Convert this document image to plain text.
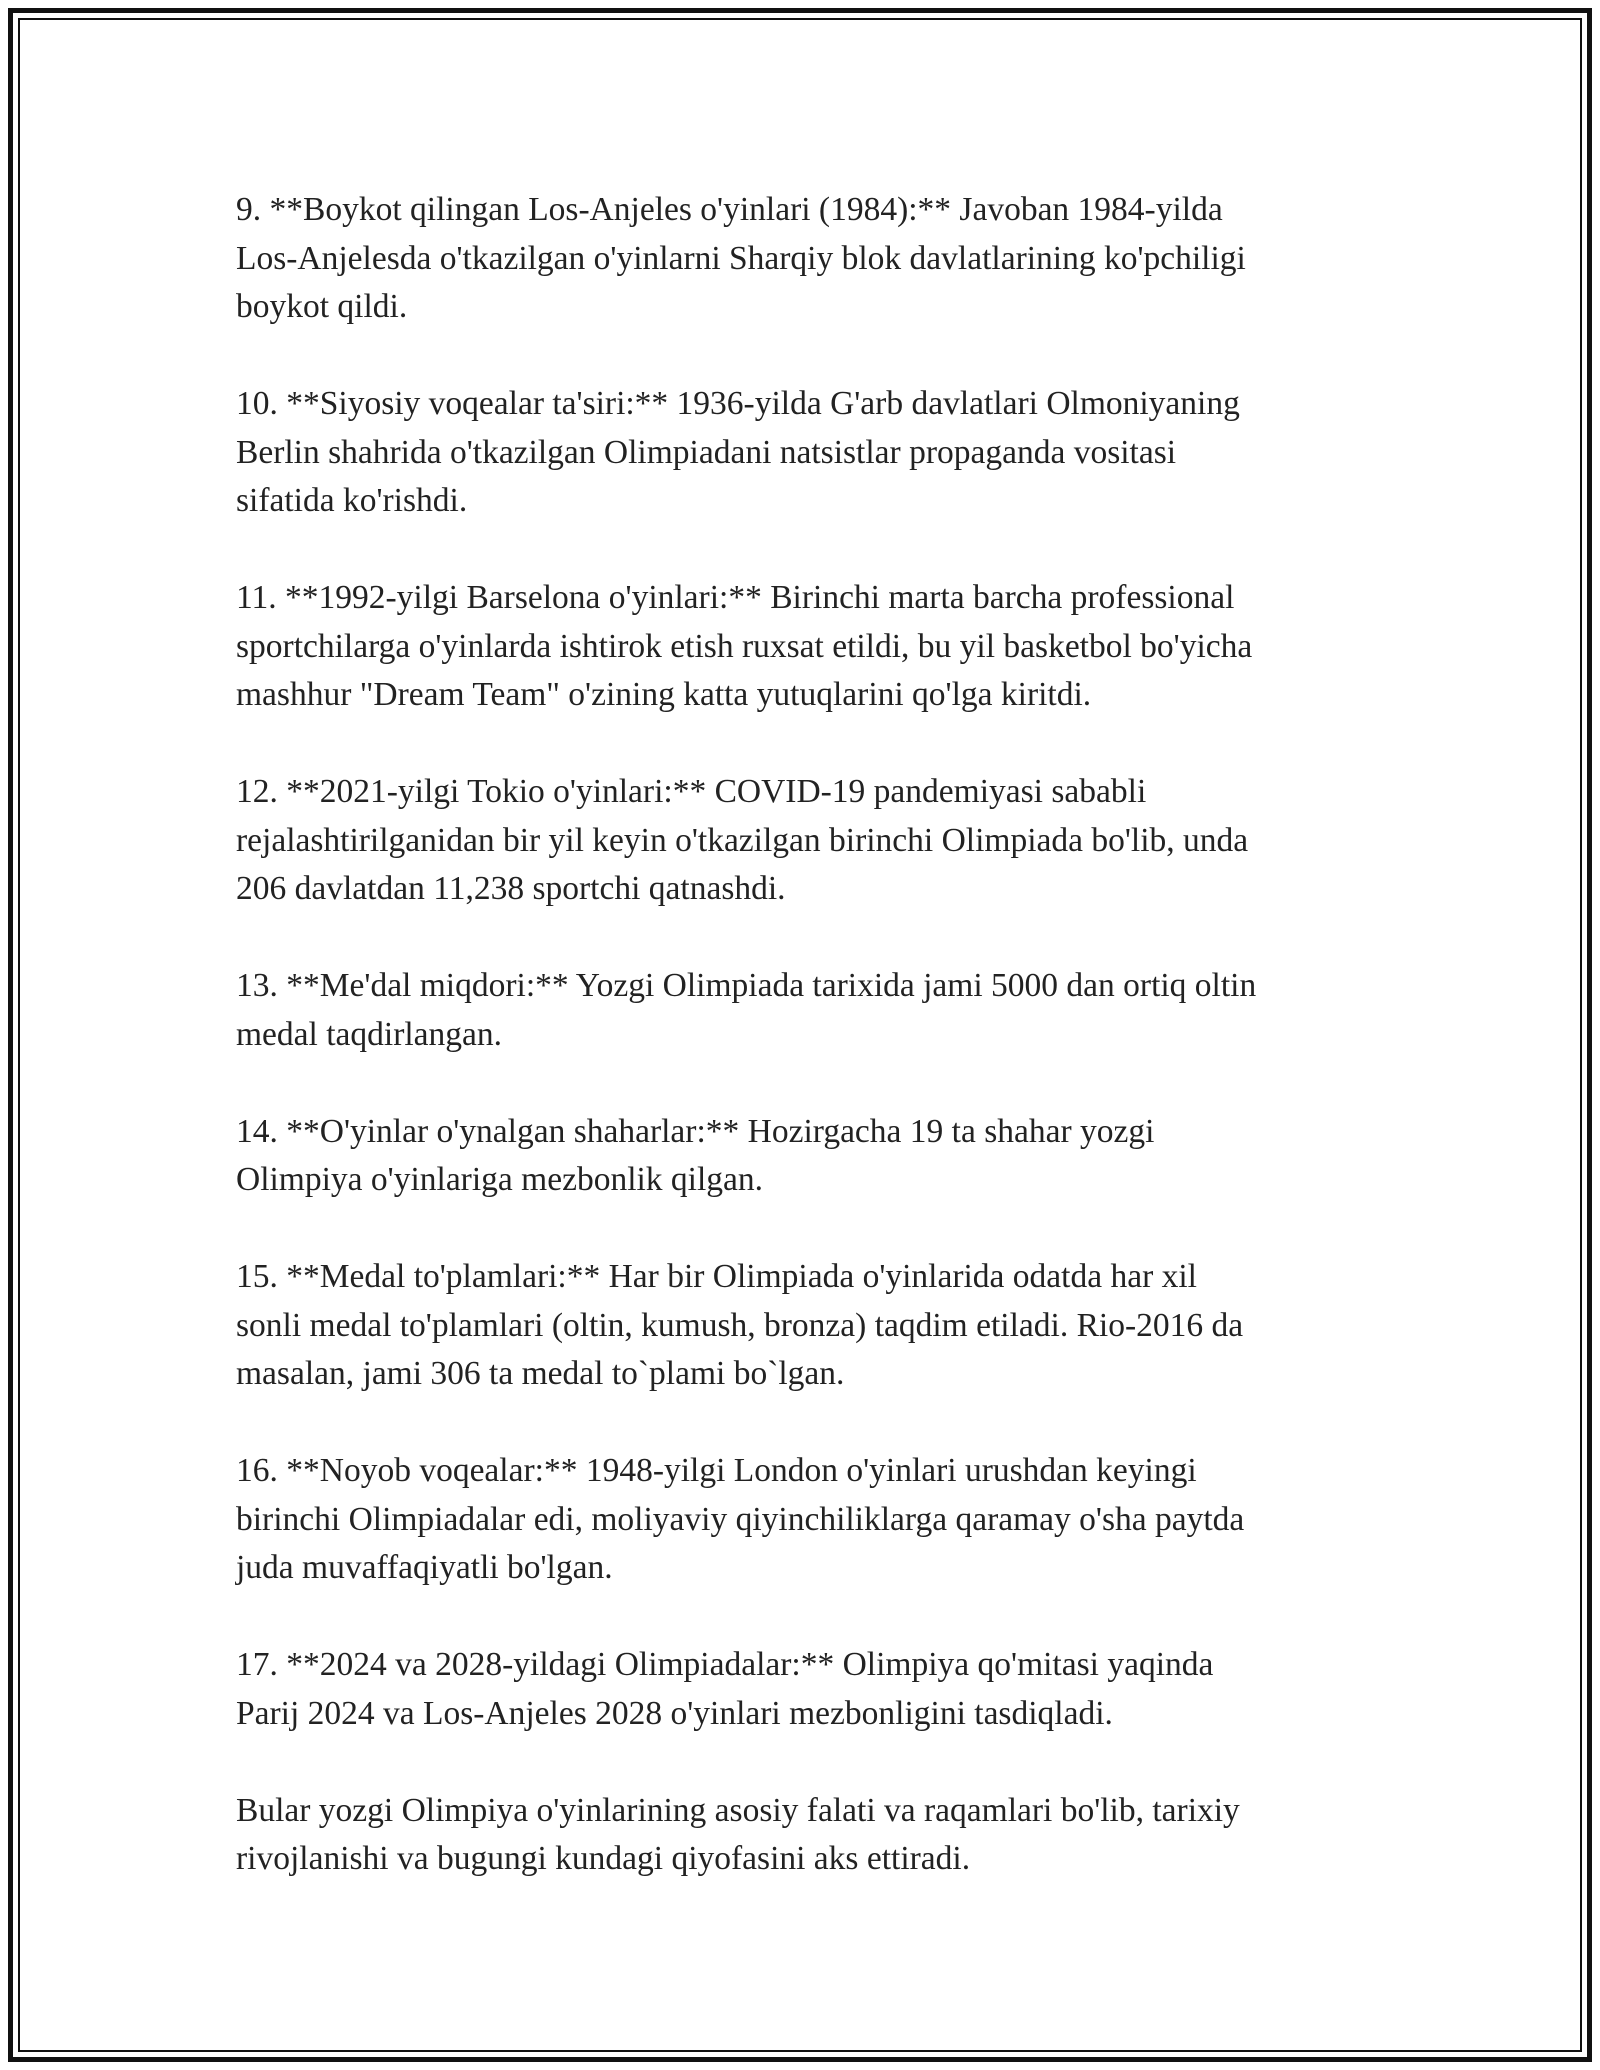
9. **Boykot qilingan Los-Anjeles o'yinlari (1984):** Javoban 1984-yilda
Los-Anjelesda o'tkazilgan o'yinlarni Sharqiy blok davlatlarining ko'pchiligi
boykot qildi.

10. **Siyosiy voqealar ta'siri:** 1936-yilda G'arb davlatlari Olmoniyaning
Berlin shahrida o'tkazilgan Olimpiadani natsistlar propaganda vositasi
sifatida ko'rishdi.

11. **1992-yilgi Barselona o'yinlari:** Birinchi marta barcha professional
sportchilarga o'yinlarda ishtirok etish ruxsat etildi, bu yil basketbol bo'yicha
mashhur "Dream Team" o'zining katta yutuqlarini qo'lga kiritdi.

12. **2021-yilgi Tokio o'yinlari:** COVID-19 pandemiyasi sababli
rejalashtirilganidan bir yil keyin o'tkazilgan birinchi Olimpiada bo'lib, unda
206 davlatdan 11,238 sportchi qatnashdi.

13. **Me'dal miqdori:** Yozgi Olimpiada tarixida jami 5000 dan ortiq oltin
medal taqdirlangan.

14. **O'yinlar o'ynalgan shaharlar:** Hozirgacha 19 ta shahar yozgi
Olimpiya o'yinlariga mezbonlik qilgan.

15. **Medal to'plamlari:** Har bir Olimpiada o'yinlarida odatda har xil
sonli medal to'plamlari (oltin, kumush, bronza) taqdim etiladi. Rio-2016 da
masalan, jami 306 ta medal to`plami bo`lgan.

16. **Noyob voqealar:** 1948-yilgi London o'yinlari urushdan keyingi
birinchi Olimpiadalar edi, moliyaviy qiyinchiliklarga qaramay o'sha paytda
juda muvaffaqiyatli bo'lgan.

17. **2024 va 2028-yildagi Olimpiadalar:** Olimpiya qo'mitasi yaqinda
Parij 2024 va Los-Anjeles 2028 o'yinlari mezbonligini tasdiqladi.

Bular yozgi Olimpiya o'yinlarining asosiy falati va raqamlari bo'lib, tarixiy
rivojlanishi va bugungi kundagi qiyofasini aks ettiradi.
